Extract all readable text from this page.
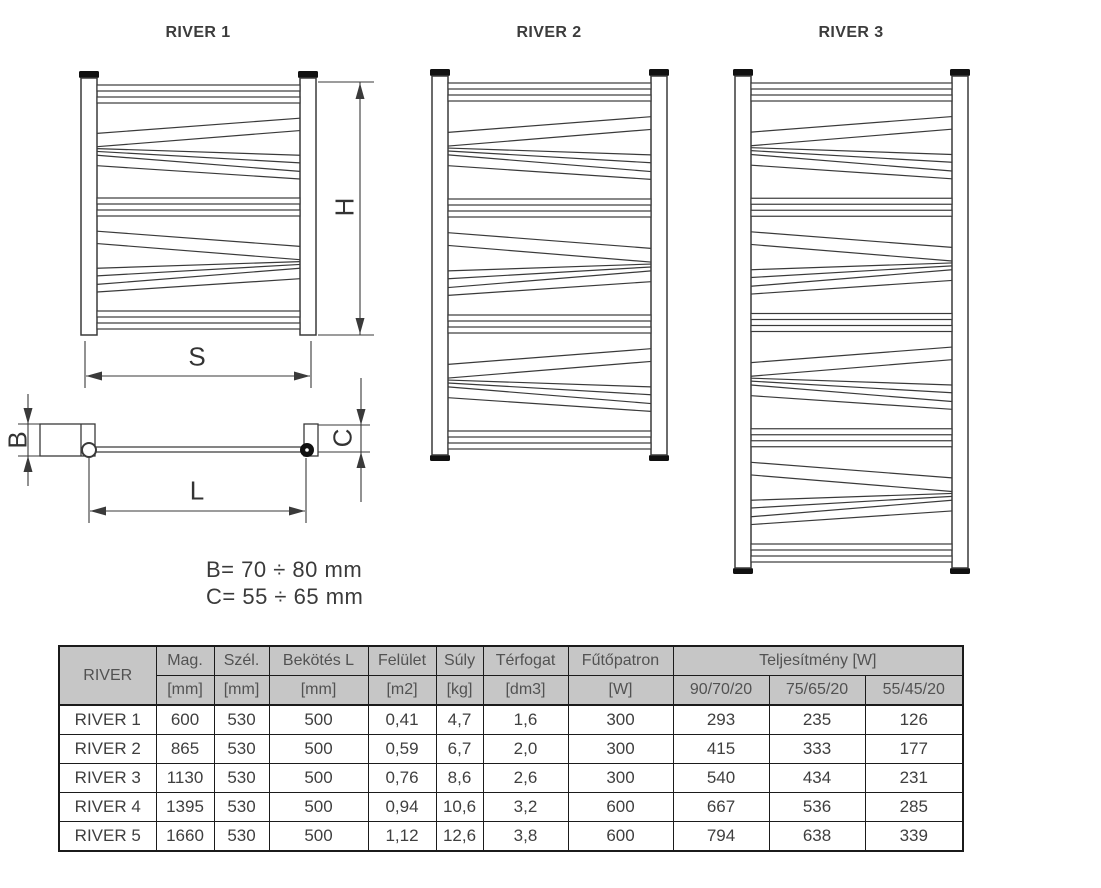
RIVER 1	RIVER 2	RIVER 3
H
S
B	C
L
B= 70 ÷ 80 mm
C= 55 ÷ 65 mm
RIVER	Mag.	Szél.	Bekötés L	Felület	Súly	Térfogat	Fűtőpatron	Teljesítmény [W]		
	[mm]	[mm]	[mm]	[m2]	[kg]	[dm3]	[W]	90/70/20	75/65/20	55/45/20
RIVER 1	600	530	500	0,41	4,7	1,6	300	293	235	126
RIVER 2	865	530	500	0,59	6,7	2,0	300	415	333	177
RIVER 3	1130	530	500	0,76	8,6	2,6	300	540	434	231
RIVER 4	1395	530	500	0,94	10,6	3,2	600	667	536	285
RIVER 5	1660	530	500	1,12	12,6	3,8	600	794	638	339
